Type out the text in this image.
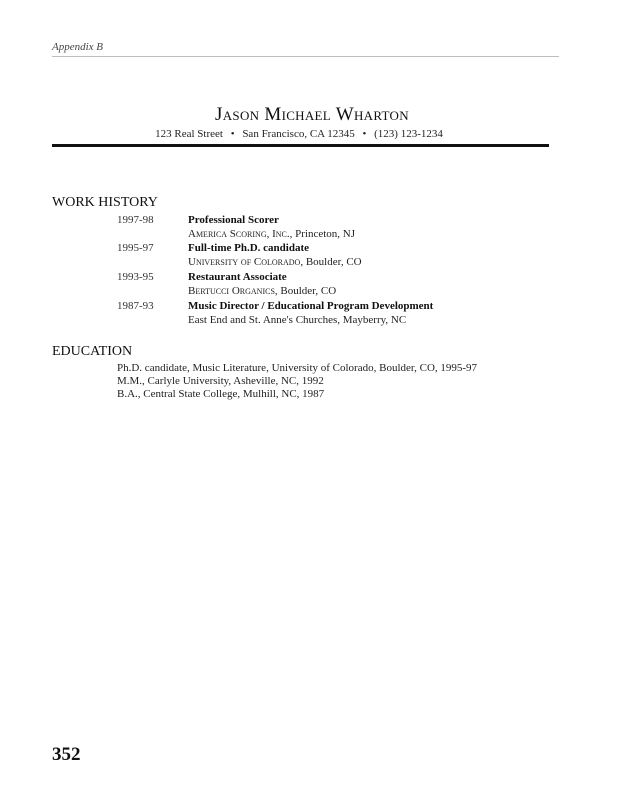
Appendix B
Jason Michael Wharton
123 Real Street • San Francisco, CA 12345 • (123) 123-1234
WORK HISTORY
1997-98	Professional Scorer
America Scoring, Inc., Princeton, NJ
1995-97	Full-time Ph.D. candidate
University of Colorado, Boulder, CO
1993-95	Restaurant Associate
Bertucci Organics, Boulder, CO
1987-93	Music Director / Educational Program Development
East End and St. Anne's Churches, Mayberry, NC
EDUCATION
Ph.D. candidate, Music Literature, University of Colorado, Boulder, CO, 1995-97
M.M., Carlyle University, Asheville, NC, 1992
B.A., Central State College, Mulhill, NC, 1987
352
